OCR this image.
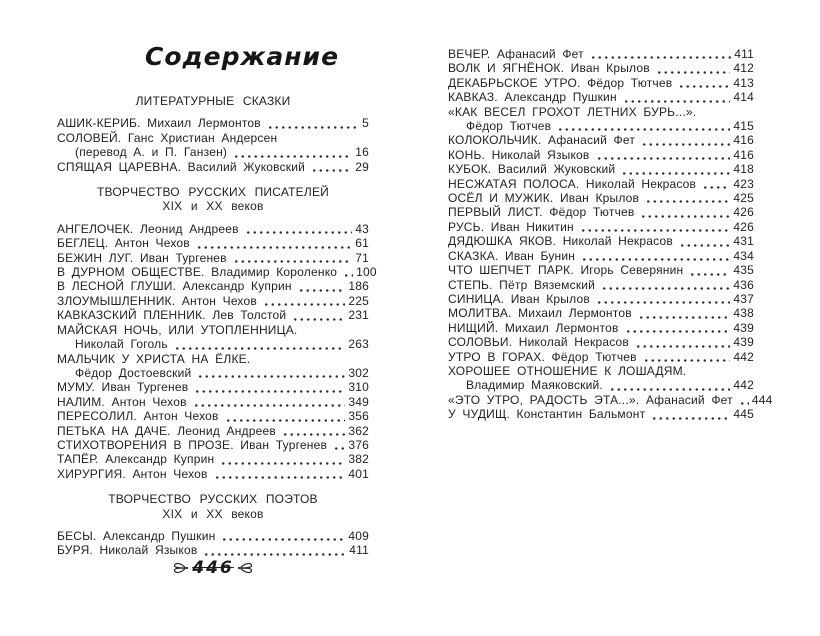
Содержание
ЛИТЕРАТУРНЫЕ СКАЗКИ
АШИК-КЕРИБ. Михаил Лермонтов	5
СОЛОВЕЙ. Ганс Христиан Андерсен
(перевод А. и П. Ганзен)	16
СПЯЩАЯ ЦАРЕВНА. Василий Жуковский	29
ТВОРЧЕСТВО РУССКИХ ПИСАТЕЛЕЙ
XIX и XX веков
АНГЕЛОЧЕК. Леонид Андреев	43
БЕГЛЕЦ. Антон Чехов	61
БЕЖИН ЛУГ. Иван Тургенев	71
В ДУРНОМ ОБЩЕСТВЕ. Владимир Короленко 100
В ЛЕСНОЙ ГЛУШИ. Александр Куприн	186
ЗЛОУМЫШЛЕННИК. Антон Чехов	225
КАВКАЗСКИЙ ПЛЕННИК. Лев Толстой	231
МАЙСКАЯ НОЧЬ, ИЛИ УТОПЛЕННИЦА.
Николай Гоголь	263
МАЛЬЧИК У ХРИСТА НА ЁЛКЕ.
Фёдор Достоевский	302
МУМУ. Иван Тургенев	310
НАЛИМ. Антон Чехов	349
ПЕРЕСОЛИЛ. Антон Чехов	356
ПЕТЬКА НА ДАЧЕ. Леонид Андреев	362
СТИХОТВОРЕНИЯ В ПРОЗЕ. Иван Тургенев 376
ТАПЁР. Александр Куприн	382
ХИРУРГИЯ. Антон Чехов	401
ТВОРЧЕСТВО РУССКИХ ПОЭТОВ
XIX и XX веков
БЕСЫ. Александр Пушкин	409
БУРЯ. Николай Языков	411
ВЕЧЕР. Афанасий Фет	411
ВОЛК И ЯГНЁНОК. Иван Крылов	412
ДЕКАБРЬСКОЕ УТРО. Фёдор Тютчев	413
КАВКАЗ. Александр Пушкин	414
«КАК ВЕСЕЛ ГРОХОТ ЛЕТНИХ БУРЬ...».
Фёдор Тютчев	415
КОЛОКОЛЬЧИК. Афанасий Фет	416
КОНЬ. Николай Языков	416
КУБОК. Василий Жуковский	418
НЕСЖАТАЯ ПОЛОСА. Николай Некрасов	423
ОСЁЛ И МУЖИК. Иван Крылов	425
ПЕРВЫЙ ЛИСТ. Фёдор Тютчев	426
РУСЬ. Иван Никитин	426
ДЯДЮШКА ЯКОВ. Николай Некрасов	431
СКАЗКА. Иван Бунин	434
ЧТО ШЕПЧЕТ ПАРК. Игорь Северянин	435
СТЕПЬ. Пётр Вяземский	436
СИНИЦА. Иван Крылов	437
МОЛИТВА. Михаил Лермонтов	438
НИЩИЙ. Михаил Лермонтов	439
СОЛОВЬИ. Николай Некрасов	439
УТРО В ГОРАХ. Фёдор Тютчев	442
ХОРОШЕЕ ОТНОШЕНИЕ К ЛОШАДЯМ.
Владимир Маяковский.	442
«ЭТО УТРО, РАДОСТЬ ЭТА...». Афанасий Фет 444
У ЧУДИЩ. Константин Бальмонт	445
446
